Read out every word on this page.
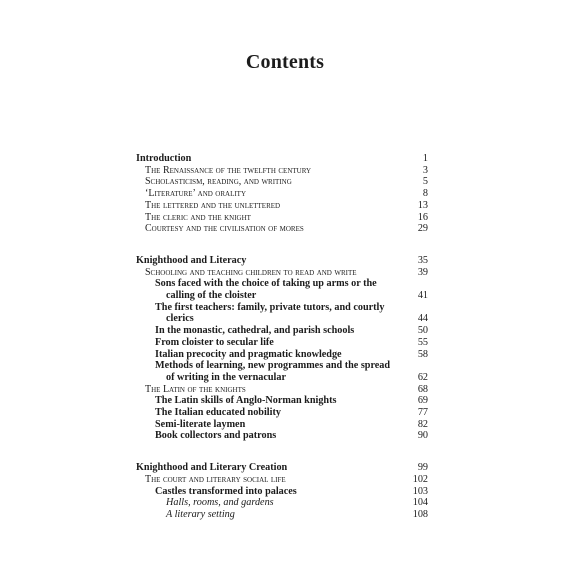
Contents
Introduction	1
The Renaissance of the twelfth century	3
Scholasticism, reading, and writing	5
‘Literature’ and orality	8
The lettered and the unlettered	13
The cleric and the knight	16
Courtesy and the civilisation of mores	29
Knighthood and Literacy	35
Schooling and teaching children to read and write	39
Sons faced with the choice of taking up arms or the calling of the cloister	41
The first teachers: family, private tutors, and courtly clerics	44
In the monastic, cathedral, and parish schools	50
From cloister to secular life	55
Italian precocity and pragmatic knowledge	58
Methods of learning, new programmes and the spread of writing in the vernacular	62
The Latin of the knights	68
The Latin skills of Anglo-Norman knights	69
The Italian educated nobility	77
Semi-literate laymen	82
Book collectors and patrons	90
Knighthood and Literary Creation	99
The court and literary social life	102
Castles transformed into palaces	103
Halls, rooms, and gardens	104
A literary setting	108
